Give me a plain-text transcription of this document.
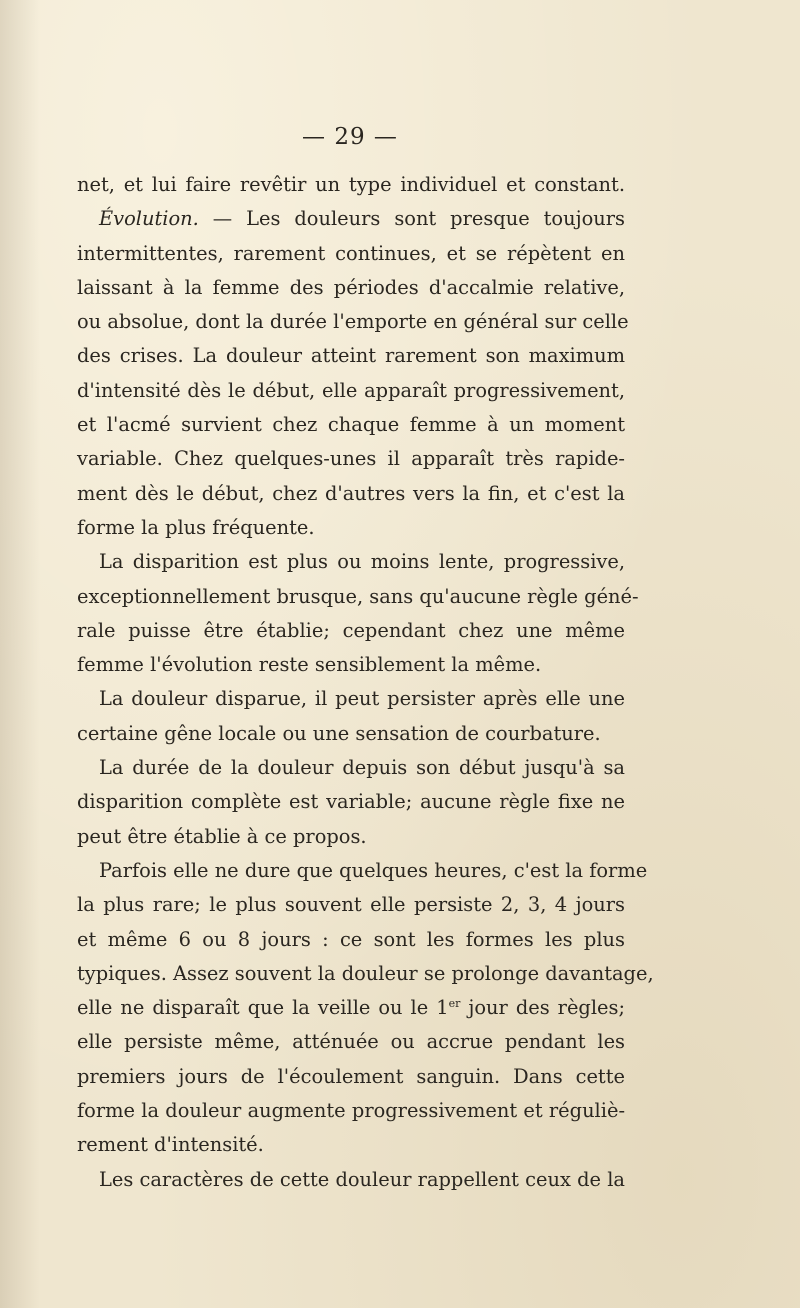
— 29 —
net, et lui faire revêtir un type individuel et constant.
Évolution. — Les douleurs sont presque toujours
intermittentes, rarement continues, et se répètent en
laissant à la femme des périodes d'accalmie relative,
ou absolue, dont la durée l'emporte en général sur celle
des crises. La douleur atteint rarement son maximum
d'intensité dès le début, elle apparaît progressivement,
et l'acmé survient chez chaque femme à un moment
variable. Chez quelques-unes il apparaît très rapide-
ment dès le début, chez d'autres vers la fin, et c'est la
forme la plus fréquente.
La disparition est plus ou moins lente, progressive,
exceptionnellement brusque, sans qu'aucune règle géné-
rale puisse être établie; cependant chez une même
femme l'évolution reste sensiblement la même.
La douleur disparue, il peut persister après elle une
certaine gêne locale ou une sensation de courbature.
La durée de la douleur depuis son début jusqu'à sa
disparition complète est variable; aucune règle fixe ne
peut être établie à ce propos.
Parfois elle ne dure que quelques heures, c'est la forme
la plus rare; le plus souvent elle persiste 2, 3, 4 jours
et même 6 ou 8 jours : ce sont les formes les plus
typiques. Assez souvent la douleur se prolonge davantage,
elle ne disparaît que la veille ou le 1er jour des règles;
elle persiste même, atténuée ou accrue pendant les
premiers jours de l'écoulement sanguin. Dans cette
forme la douleur augmente progressivement et réguliè-
rement d'intensité.
Les caractères de cette douleur rappellent ceux de la
